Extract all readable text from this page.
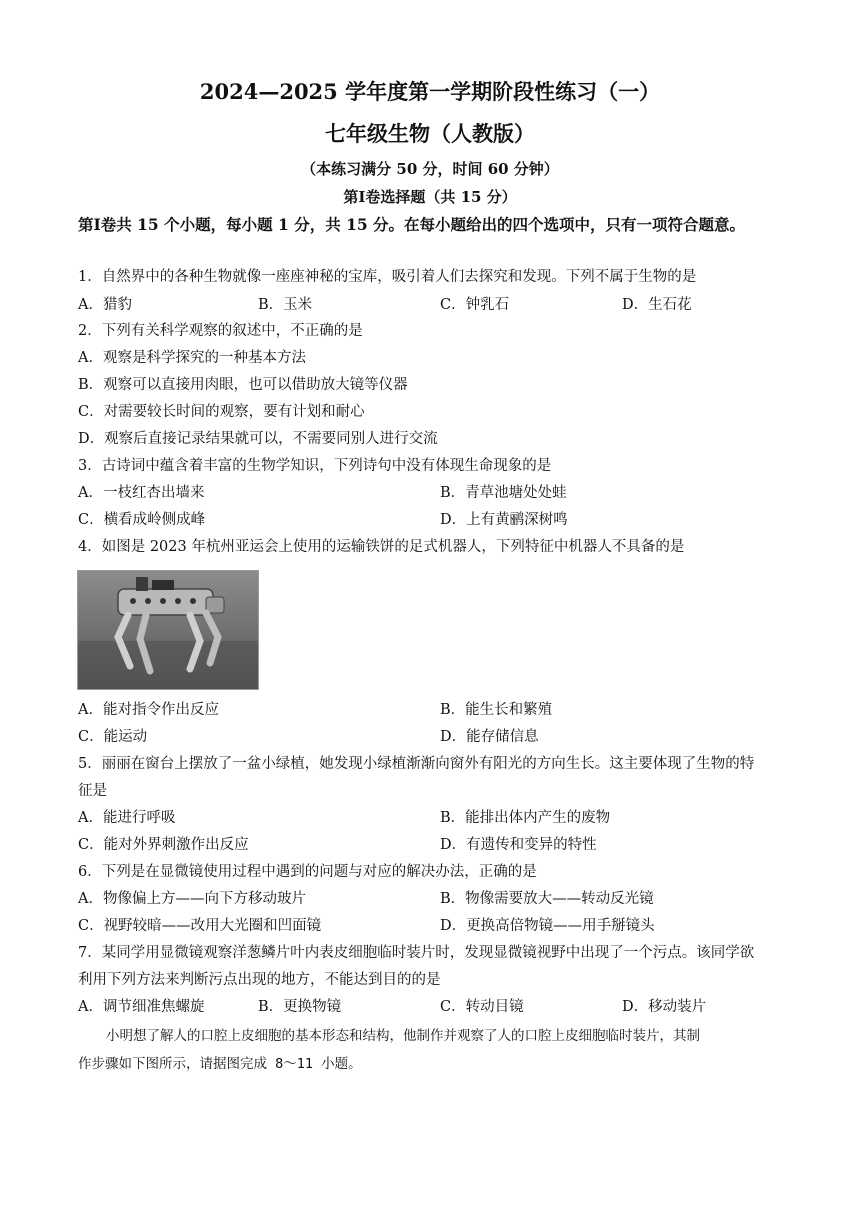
2024—2025 学年度第一学期阶段性练习（一）
七年级生物（人教版）
（本练习满分 50 分，时间 60 分钟）
第Ⅰ卷选择题（共 15 分）
第Ⅰ卷共 15 个小题，每小题 1 分，共 15 分。在每小题给出的四个选项中，只有一项符合题意。
1．自然界中的各种生物就像一座座神秘的宝库，吸引着人们去探究和发现。下列不属于生物的是
A．猎豹	B．玉米	C．钟乳石	D．生石花
2．下列有关科学观察的叙述中，不正确的是
A．观察是科学探究的一种基本方法
B．观察可以直接用肉眼，也可以借助放大镜等仪器
C．对需要较长时间的观察，要有计划和耐心
D．观察后直接记录结果就可以，不需要同别人进行交流
3．古诗词中蕴含着丰富的生物学知识，下列诗句中没有体现生命现象的是
A．一枝红杏出墙来	B．青草池塘处处蛙
C．横看成岭侧成峰	D．上有黄鹂深树鸣
4．如图是 2023 年杭州亚运会上使用的运输铁饼的足式机器人，下列特征中机器人不具备的是
A．能对指令作出反应	B．能生长和繁殖
C．能运动	D．能存储信息
5．丽丽在窗台上摆放了一盆小绿植，她发现小绿植渐渐向窗外有阳光的方向生长。这主要体现了生物的特
征是
A．能进行呼吸	B．能排出体内产生的废物
C．能对外界刺激作出反应	D．有遗传和变异的特性
6．下列是在显微镜使用过程中遇到的问题与对应的解决办法，正确的是
A．物像偏上方——向下方移动玻片	B．物像需要放大——转动反光镜
C．视野较暗——改用大光圈和凹面镜	D．更换高倍物镜——用手掰镜头
7．某同学用显微镜观察洋葱鳞片叶内表皮细胞临时装片时，发现显微镜视野中出现了一个污点。该同学欲
利用下列方法来判断污点出现的地方，不能达到目的的是
A．调节细准焦螺旋	B．更换物镜	C．转动目镜	D．移动装片
小明想了解人的口腔上皮细胞的基本形态和结构，他制作并观察了人的口腔上皮细胞临时装片，其制
作步骤如下图所示，请据图完成 8～11 小题。
